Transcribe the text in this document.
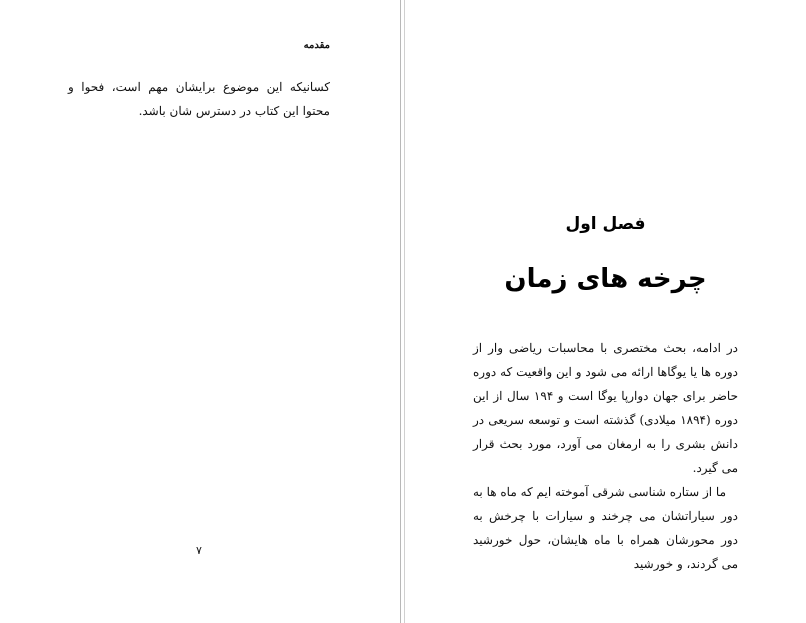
مقدمه

کسانیکه این موضوع برایشان مهم است، فحوا و محتوا این کتاب در دسترس شان باشد.

۷

فصل اول
چرخه های زمان

در ادامه، بحث مختصری با محاسبات ریاضی وار از دوره ها یا یوگاها ارائه می شود و این واقعیت که دوره حاضر برای جهان دوارپا یوگا است و ۱۹۴ سال از این دوره (۱۸۹۴ میلادی) گذشته است و توسعه سریعی در دانش بشری را به ارمغان می آورد، مورد بحث قرار می گیرد.

ما از ستاره شناسی شرقی آموخته ایم که ماه ها به دور سیاراتشان می چرخند و سیارات با چرخش به دور محورشان همراه با ماه هایشان، حول خورشید می گردند، و خورشید
